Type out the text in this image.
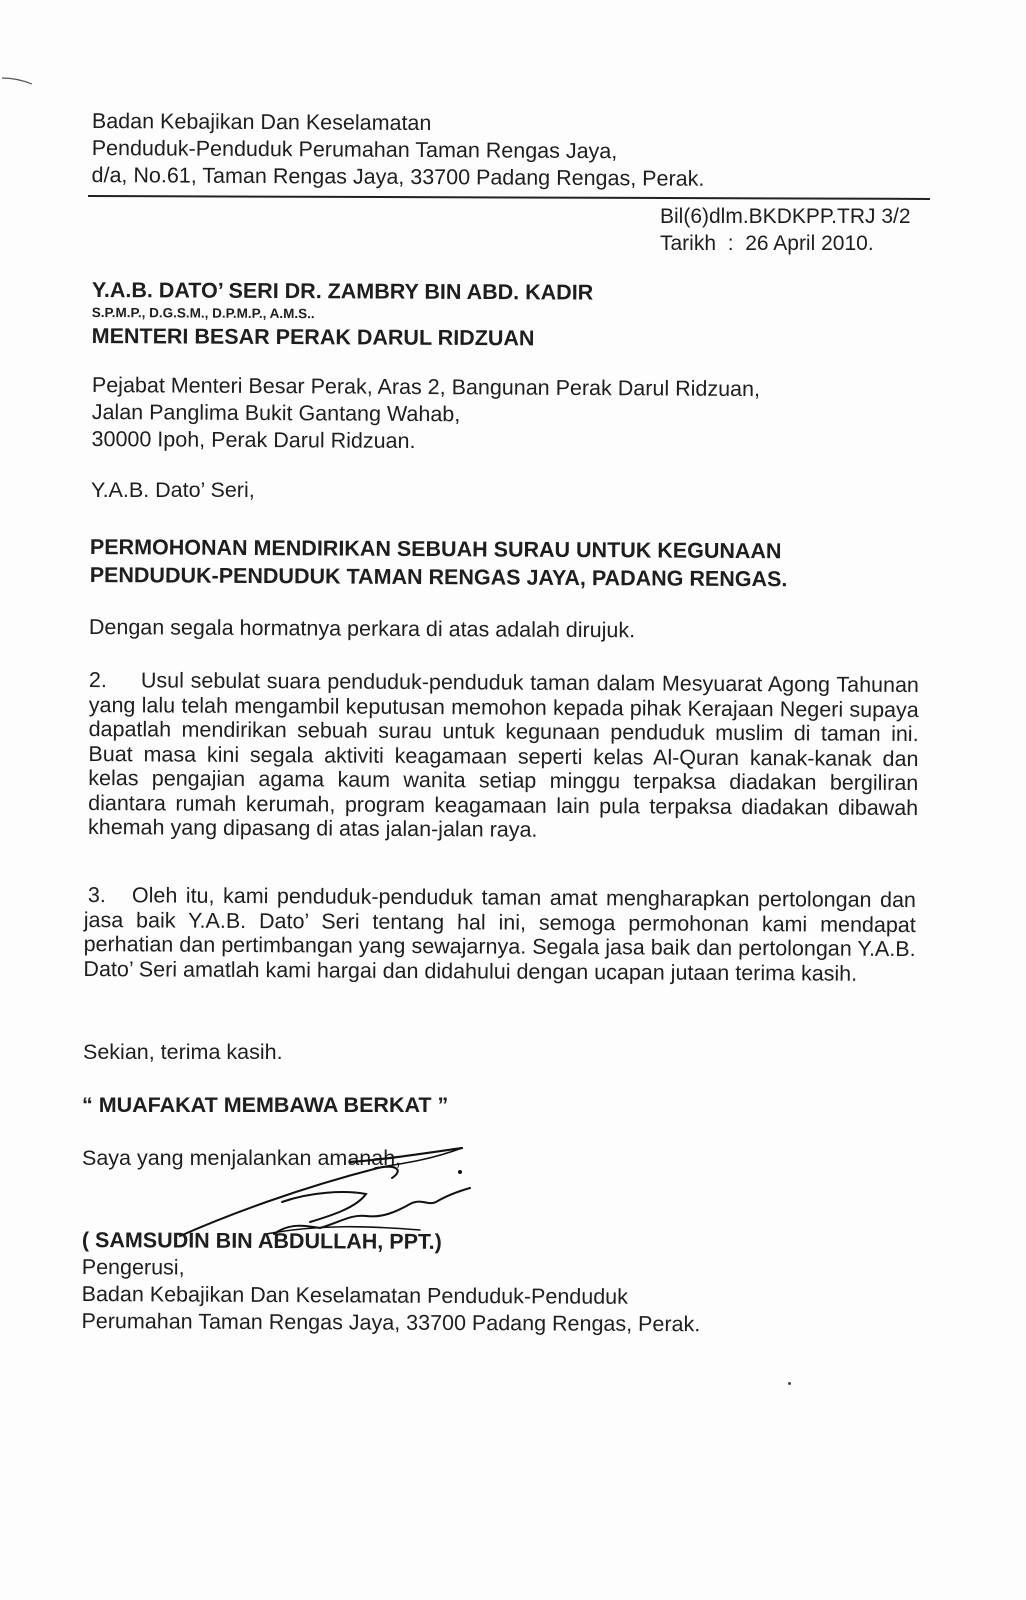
Badan Kebajikan Dan Keselamatan
Penduduk-Penduduk Perumahan Taman Rengas Jaya,
d/a, No.61, Taman Rengas Jaya, 33700 Padang Rengas, Perak.
Bil(6)dlm.BKDKPP.TRJ 3/2
Tarikh  :  26 April 2010.
Y.A.B. DATO’ SERI DR. ZAMBRY BIN ABD. KADIR
S.P.M.P., D.G.S.M., D.P.M.P., A.M.S..
MENTERI BESAR PERAK DARUL RIDZUAN
Pejabat Menteri Besar Perak, Aras 2, Bangunan Perak Darul Ridzuan,
Jalan Panglima Bukit Gantang Wahab,
30000 Ipoh, Perak Darul Ridzuan.
Y.A.B. Dato’ Seri,
PERMOHONAN MENDIRIKAN SEBUAH SURAU UNTUK KEGUNAAN
PENDUDUK-PENDUDUK TAMAN RENGAS JAYA, PADANG RENGAS.
Dengan segala hormatnya perkara di atas adalah dirujuk.
2. Usul sebulat suara penduduk-penduduk taman dalam Mesyuarat Agong Tahunan yang lalu telah mengambil keputusan memohon kepada pihak Kerajaan Negeri supaya dapatlah mendirikan sebuah surau untuk kegunaan penduduk muslim di taman ini. Buat masa kini segala aktiviti keagamaan seperti kelas Al-Quran kanak-kanak dan kelas pengajian agama kaum wanita setiap minggu terpaksa diadakan bergiliran diantara rumah kerumah, program keagamaan lain pula terpaksa diadakan dibawah khemah yang dipasang di atas jalan-jalan raya.
3. Oleh itu, kami penduduk-penduduk taman amat mengharapkan pertolongan dan jasa baik Y.A.B. Dato’ Seri tentang hal ini, semoga permohonan kami mendapat perhatian dan pertimbangan yang sewajarnya. Segala jasa baik dan pertolongan Y.A.B. Dato’ Seri amatlah kami hargai dan didahului dengan ucapan jutaan terima kasih.
Sekian, terima kasih.
“ MUAFAKAT MEMBAWA BERKAT ”
Saya yang menjalankan amanah,
( SAMSUDIN BIN ABDULLAH, PPT.)
Pengerusi,
Badan Kebajikan Dan Keselamatan Penduduk-Penduduk
Perumahan Taman Rengas Jaya, 33700 Padang Rengas, Perak.
